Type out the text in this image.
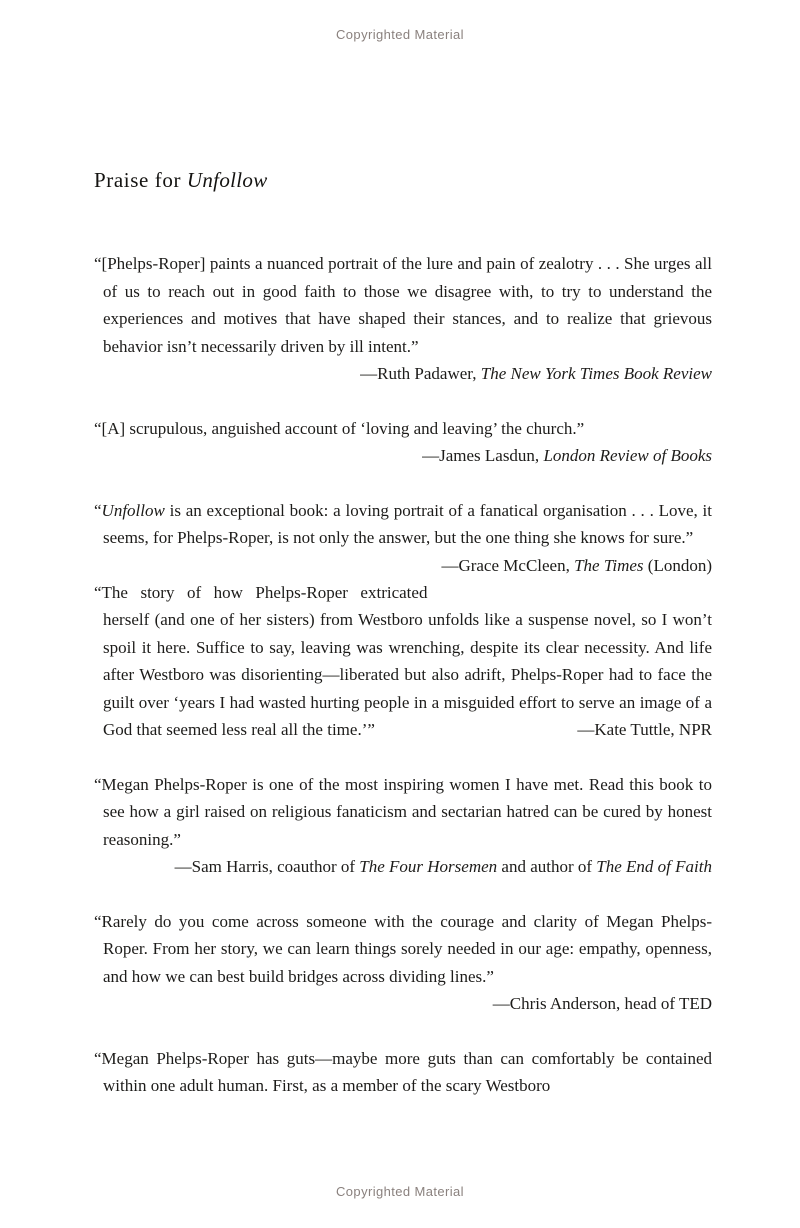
Copyrighted Material
Praise for Unfollow

“[Phelps-Roper] paints a nuanced portrait of the lure and pain of zealotry . . . She urges all of us to reach out in good faith to those we disagree with, to try to understand the experiences and motives that have shaped their stances, and to realize that grievous behavior isn’t necessarily driven by ill intent.”

—Ruth Padawer, The New York Times Book Review

“[A] scrupulous, anguished account of ‘loving and leaving’ the church.”

—James Lasdun, London Review of Books

“Unfollow is an exceptional book: a loving portrait of a fanatical organisation . . . Love, it seems, for Phelps-Roper, is not only the answer, but the one thing she knows for sure.”
—Grace McCleen, The Times (London)

“The story of how Phelps-Roper extricated herself (and one of her sisters) from Westboro unfolds like a suspense novel, so I won’t spoil it here. Suffice to say, leaving was wrenching, despite its clear necessity. And life after Westboro was disorienting—liberated but also adrift, Phelps-Roper had to face the guilt over ‘years I had wasted hurting people in a misguided effort to serve an image of a God that seemed less real all the time.’”	—Kate Tuttle, NPR

“Megan Phelps-Roper is one of the most inspiring women I have met. Read this book to see how a girl raised on religious fanaticism and sectarian hatred can be cured by honest reasoning.”

—Sam Harris, coauthor of The Four Horsemen and author of The End of Faith

“Rarely do you come across someone with the courage and clarity of Megan Phelps-Roper. From her story, we can learn things sorely needed in our age: empathy, openness, and how we can best build bridges across dividing lines.”

—Chris Anderson, head of TED

“Megan Phelps-Roper has guts—maybe more guts than can comfortably be contained within one adult human. First, as a member of the scary Westboro

Copyrighted Material
